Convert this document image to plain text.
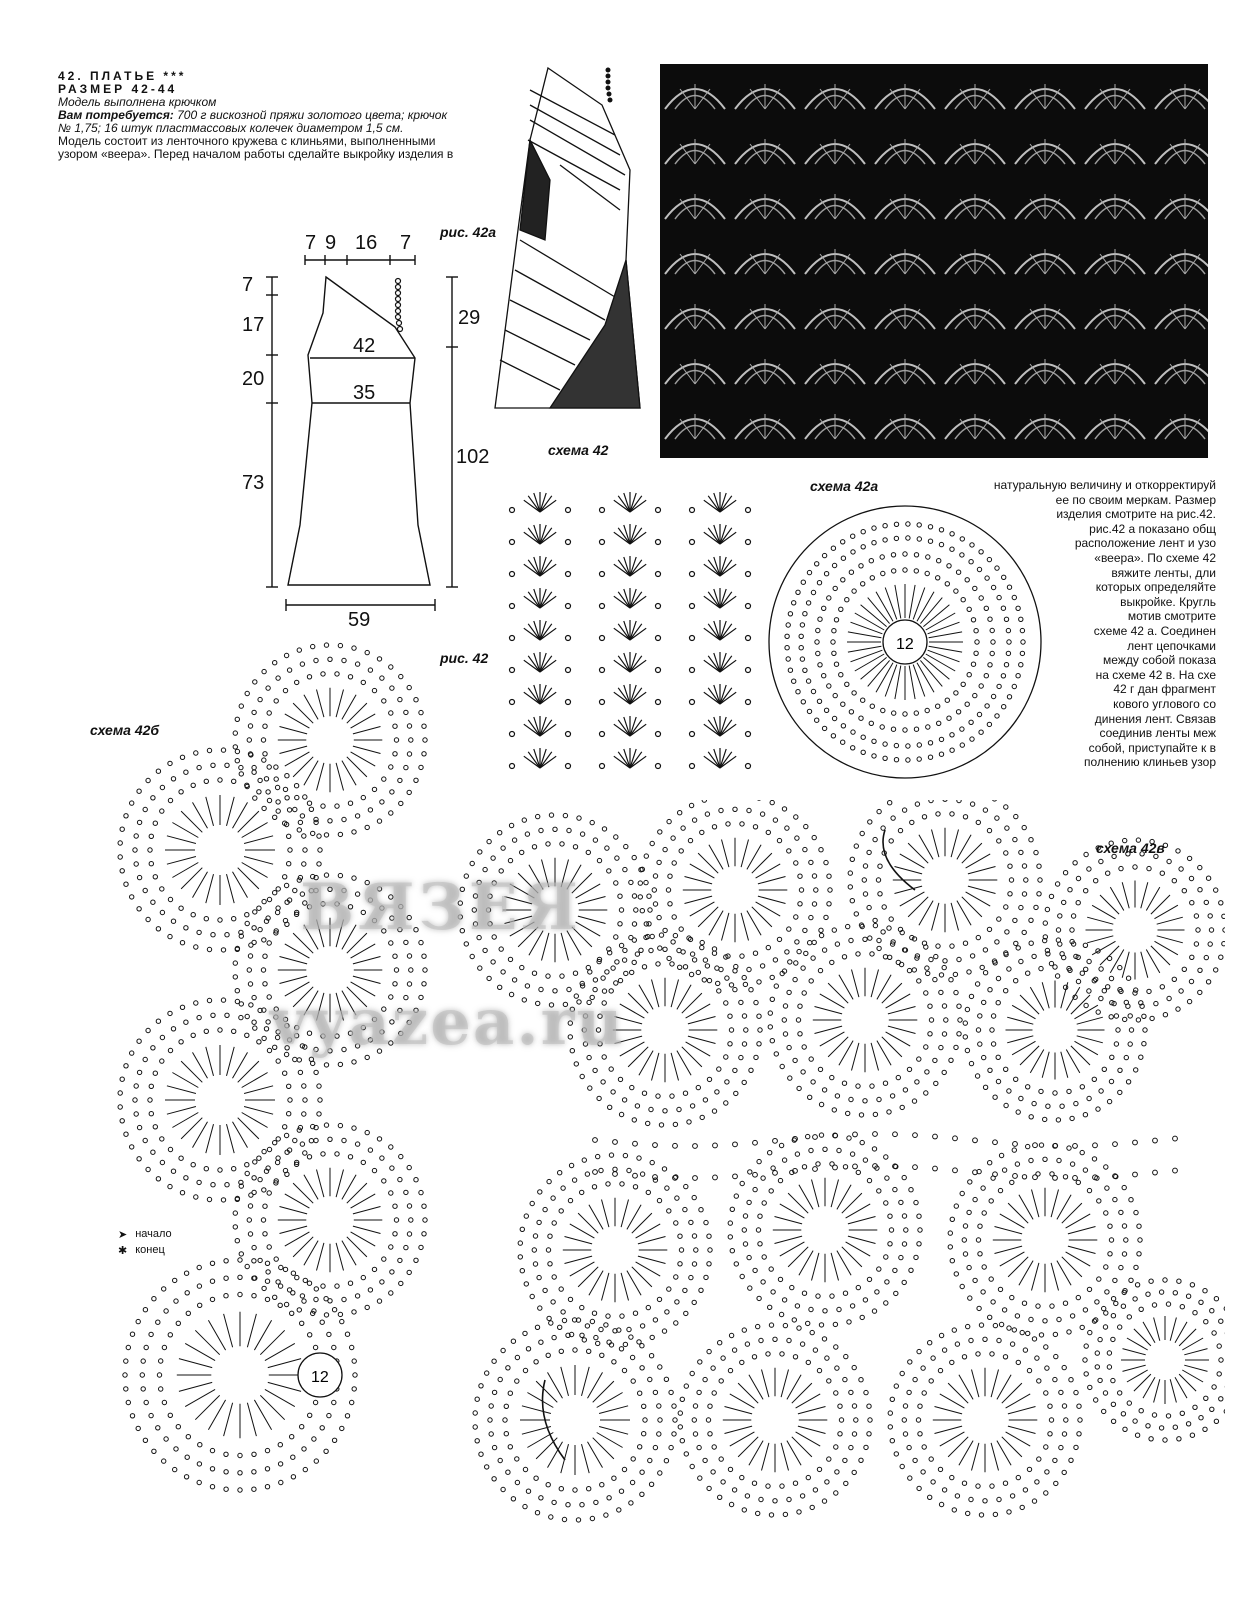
42. ПЛАТЬЕ ***
РАЗМЕР 42-44
Модель выполнена крючком
Вам потребуется: 700 г вискозной пряжи золотого цвета; крючок
№ 1,75; 16 штук пластмассовых колечек диаметром 1,5 см.
Модель состоит из ленточного кружева с клиньями, выполненными
узором «веера». Перед началом работы сделайте выкройку изделия в
7 9 16 7
7
17
20
73
29
102
42
35
59
рис. 42а
рис. 42
схема 42
схема 42а
схема 42б
схема 42в
12
натуральную величину и откорректируй
ее по своим меркам. Размер
изделия смотрите на рис.42.
рис.42 а показано общ
расположение лент и узо
«веера». По схеме 42
вяжите ленты, дли
которых определяйте
выкройке. Кругль
мотив смотрите
схеме 42 а. Соединен
лент цепочками
между собой показа
на схеме 42 в. На схе
42 г дан фрагмент
кового углового со
динения лент. Связав
соединив ленты меж
собой, приступайте к в
полнению клиньев узор
12
➤ начало
✱ конец
ВЯЗЕЯ
vyazea.ru
